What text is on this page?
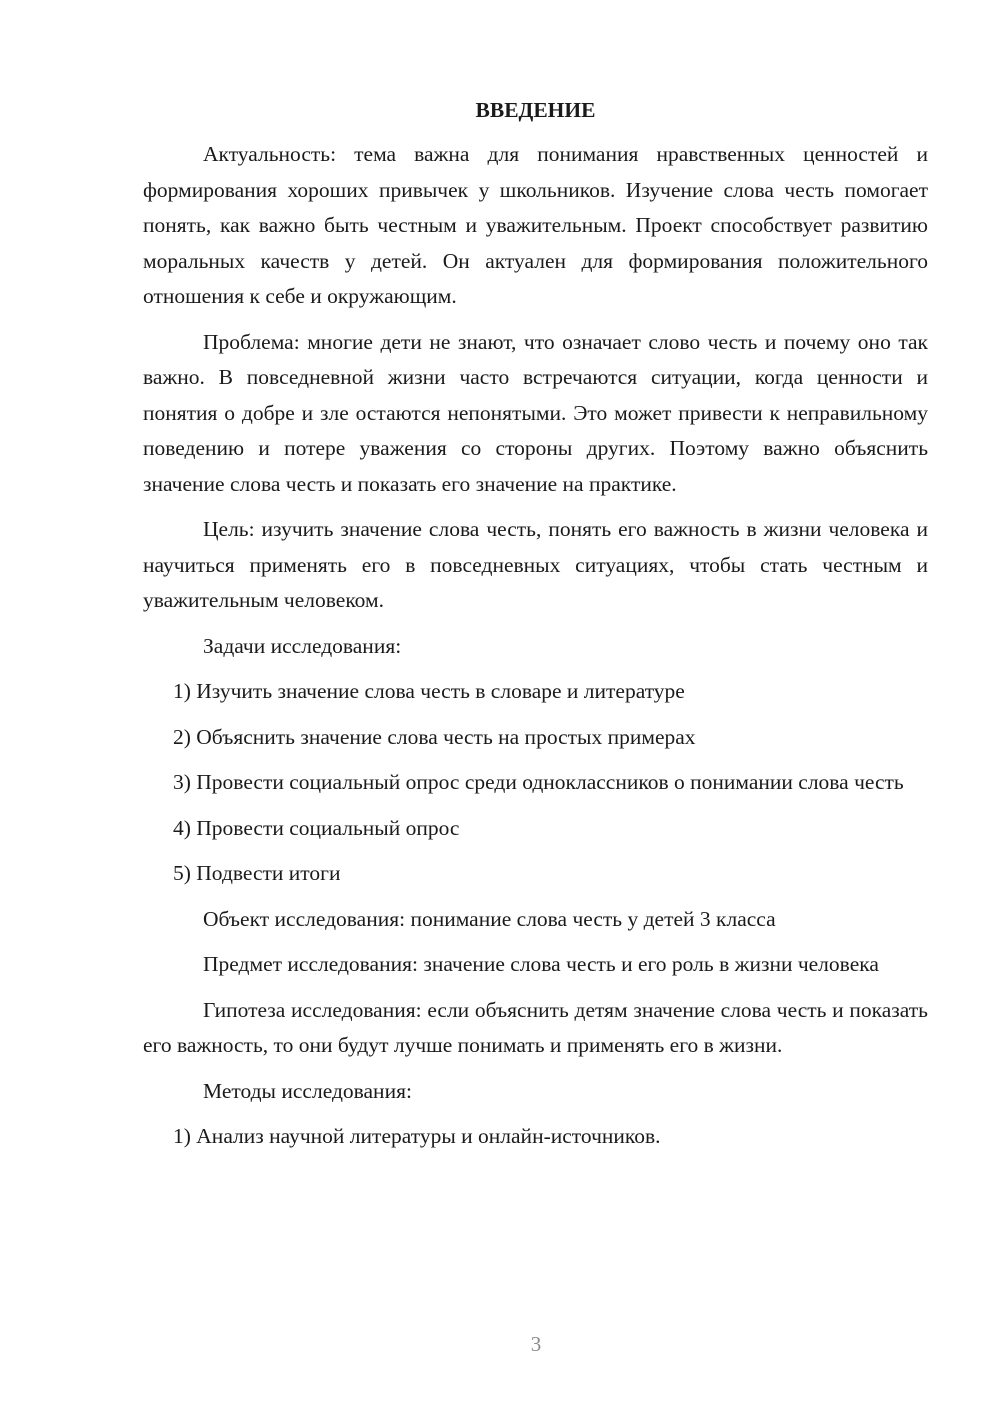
ВВЕДЕНИЕ

Актуальность: тема важна для понимания нравственных ценностей и формирования хороших привычек у школьников. Изучение слова честь помогает понять, как важно быть честным и уважительным. Проект способствует развитию моральных качеств у детей. Он актуален для формирования положительного отношения к себе и окружающим.

Проблема: многие дети не знают, что означает слово честь и почему оно так важно. В повседневной жизни часто встречаются ситуации, когда ценности и понятия о добре и зле остаются непонятыми. Это может привести к неправильному поведению и потере уважения со стороны других. Поэтому важно объяснить значение слова честь и показать его значение на практике.

Цель: изучить значение слова честь, понять его важность в жизни человека и научиться применять его в повседневных ситуациях, чтобы стать честным и уважительным человеком.

Задачи исследования:

1) Изучить значение слова честь в словаре и литературе

2) Объяснить значение слова честь на простых примерах

3) Провести социальный опрос среди одноклассников о понимании слова честь

4) Провести социальный опрос

5) Подвести итоги

Объект исследования: понимание слова честь у детей 3 класса

Предмет исследования: значение слова честь и его роль в жизни человека

Гипотеза исследования: если объяснить детям значение слова честь и показать его важность, то они будут лучше понимать и применять его в жизни.

Методы исследования:

1) Анализ научной литературы и онлайн-источников.

3
